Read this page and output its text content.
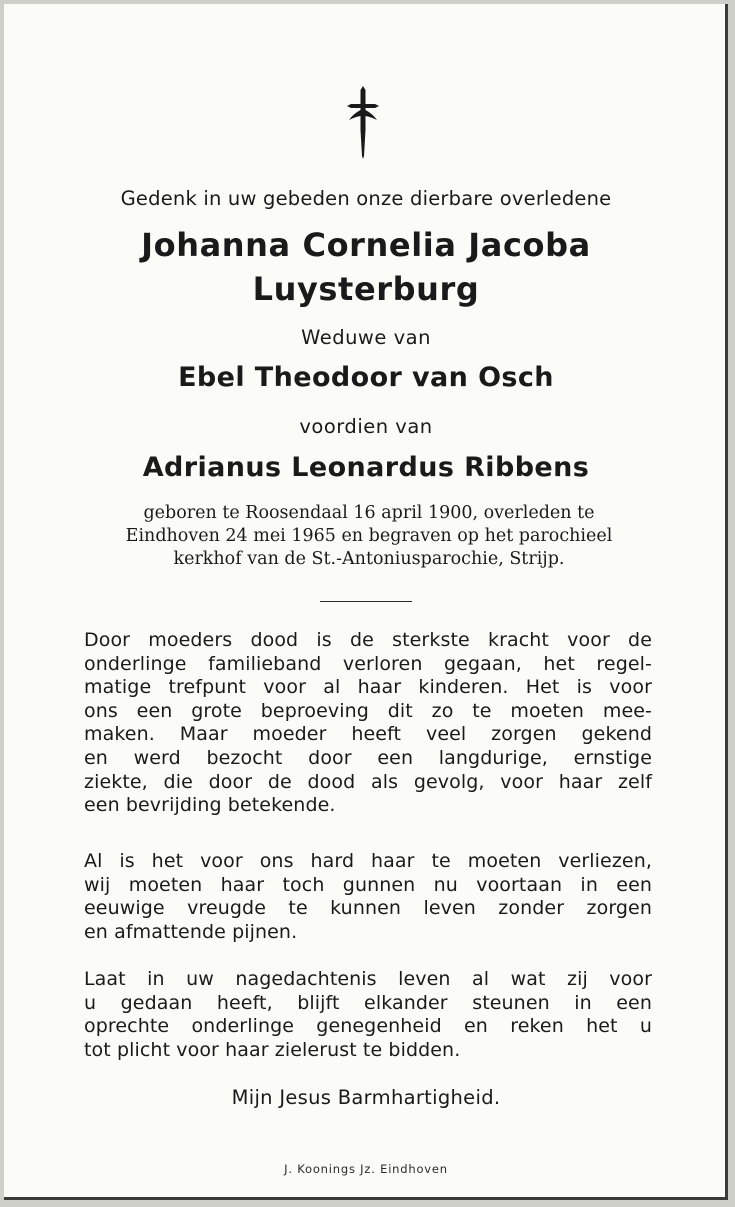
Gedenk in uw gebeden onze dierbare overledene
Johanna Cornelia Jacoba
Luysterburg
Weduwe van
Ebel Theodoor van Osch
voordien van
Adrianus Leonardus Ribbens
geboren te Roosendaal 16 april 1900, overleden te
Eindhoven 24 mei 1965 en begraven op het parochieel
kerkhof van de St.-Antoniusparochie, Strijp.
Door moeders dood is de sterkste kracht voor de
onderlinge familieband verloren gegaan, het regel-
matige trefpunt voor al haar kinderen. Het is voor
ons een grote beproeving dit zo te moeten mee-
maken. Maar moeder heeft veel zorgen gekend
en werd bezocht door een langdurige, ernstige
ziekte, die door de dood als gevolg, voor haar zelf
een bevrijding betekende.
Al is het voor ons hard haar te moeten verliezen,
wij moeten haar toch gunnen nu voortaan in een
eeuwige vreugde te kunnen leven zonder zorgen
en afmattende pijnen.
Laat in uw nagedachtenis leven al wat zij voor
u gedaan heeft, blijft elkander steunen in een
oprechte onderlinge genegenheid en reken het u
tot plicht voor haar zielerust te bidden.
Mijn Jesus Barmhartigheid.
J. Koonings Jz. Eindhoven
